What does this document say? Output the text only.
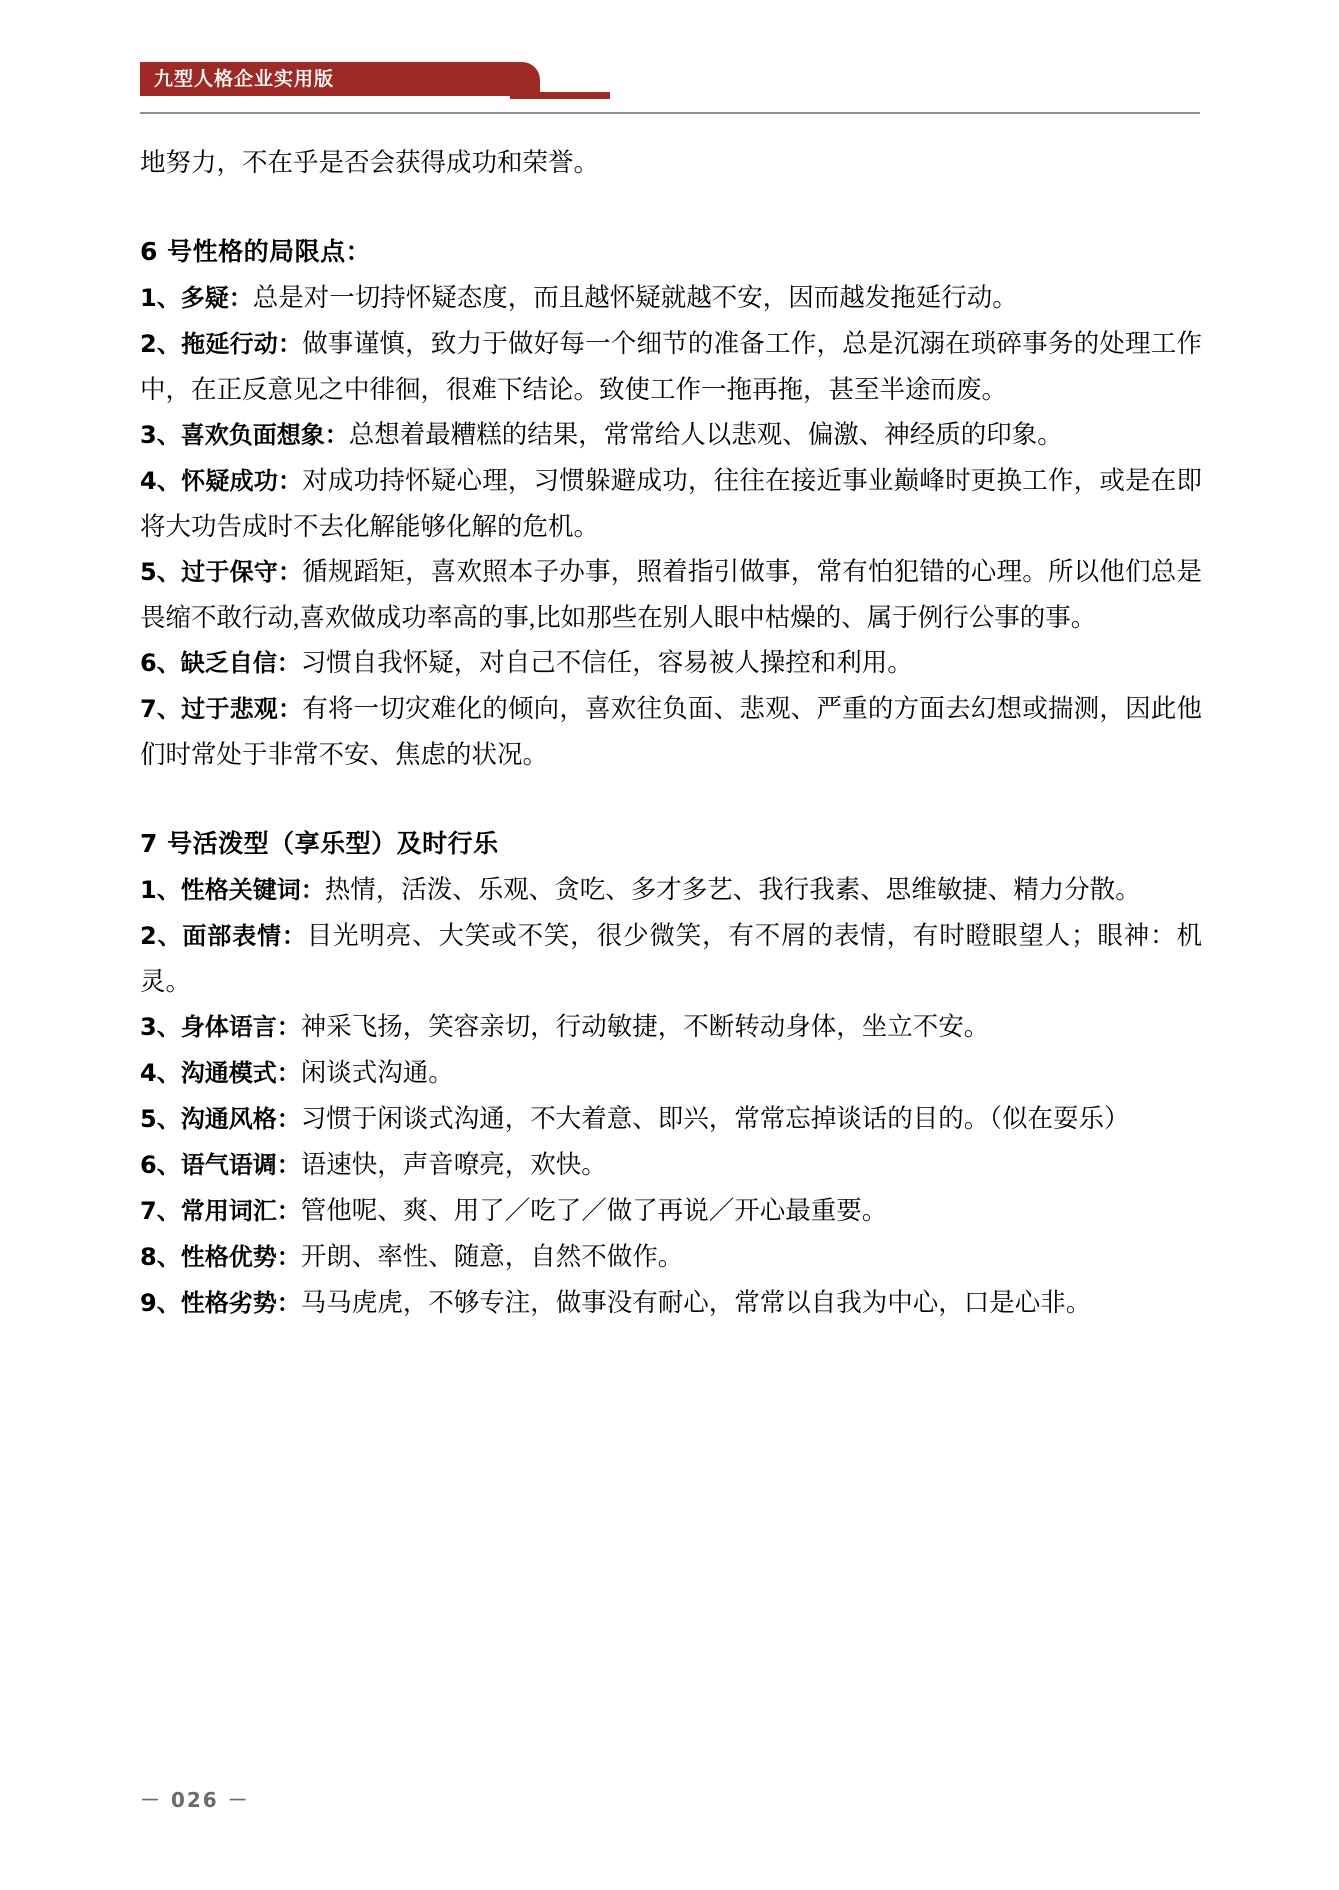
九型人格企业实用版

地努力，不在乎是否会获得成功和荣誉。

6 号性格的局限点：

1、多疑：总是对一切持怀疑态度，而且越怀疑就越不安，因而越发拖延行动。

2、拖延行动：做事谨慎，致力于做好每一个细节的准备工作，总是沉溺在琐碎事务的处理工作中，在正反意见之中徘徊，很难下结论。致使工作一拖再拖，甚至半途而废。

3、喜欢负面想象：总想着最糟糕的结果，常常给人以悲观、偏激、神经质的印象。

4、怀疑成功：对成功持怀疑心理，习惯躲避成功，往往在接近事业巅峰时更换工作，或是在即将大功告成时不去化解能够化解的危机。

5、过于保守：循规蹈矩，喜欢照本子办事，照着指引做事，常有怕犯错的心理。所以他们总是畏缩不敢行动,喜欢做成功率高的事,比如那些在别人眼中枯燥的、属于例行公事的事。

6、缺乏自信：习惯自我怀疑，对自己不信任，容易被人操控和利用。

7、过于悲观：有将一切灾难化的倾向，喜欢往负面、悲观、严重的方面去幻想或揣测，因此他们时常处于非常不安、焦虑的状况。

7 号活泼型（享乐型）及时行乐

1、性格关键词：热情，活泼、乐观、贪吃、多才多艺、我行我素、思维敏捷、精力分散。

2、面部表情：目光明亮、大笑或不笑，很少微笑，有不屑的表情，有时瞪眼望人；眼神：机灵。

3、身体语言：神采飞扬，笑容亲切，行动敏捷，不断转动身体，坐立不安。

4、沟通模式：闲谈式沟通。

5、沟通风格：习惯于闲谈式沟通，不大着意、即兴，常常忘掉谈话的目的。（似在耍乐）

6、语气语调：语速快，声音嘹亮，欢快。

7、常用词汇：管他呢、爽、用了／吃了／做了再说／开心最重要。

8、性格优势：开朗、率性、随意，自然不做作。

9、性格劣势：马马虎虎，不够专注，做事没有耐心，常常以自我为中心，口是心非。

－ 026 －
